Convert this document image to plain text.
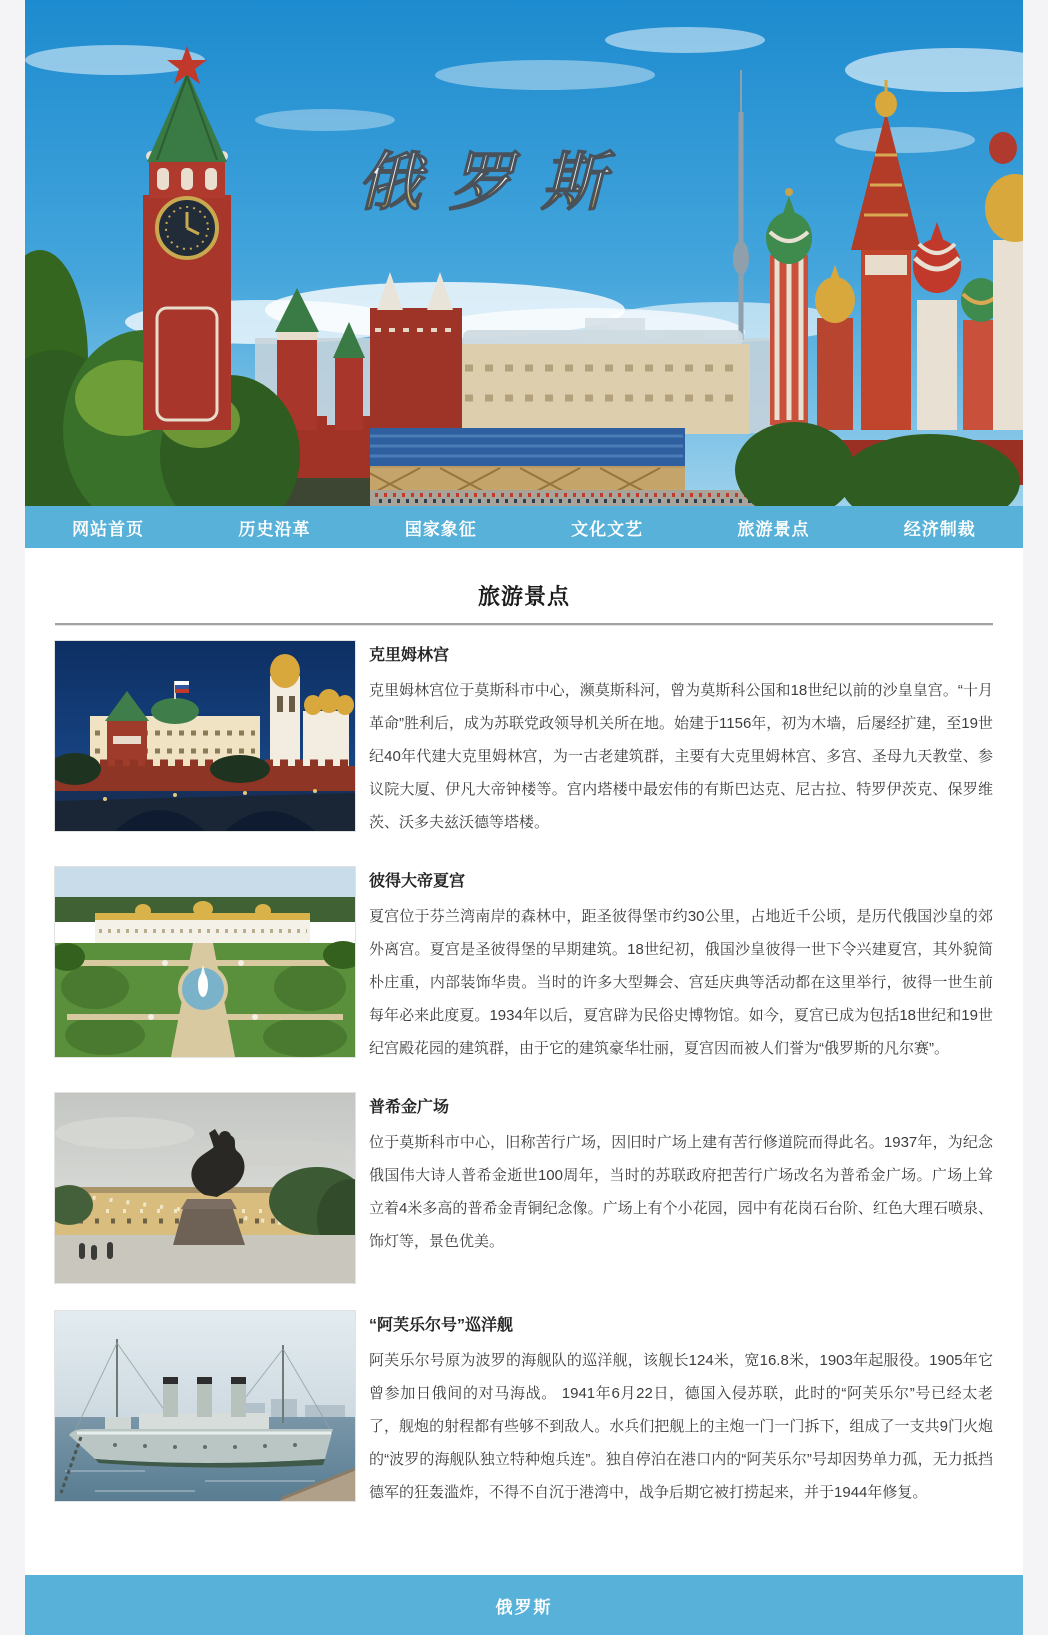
俄罗斯
网站首页	历史沿革	国家象征	文化文艺	旅游景点	经济制裁
旅游景点
克里姆林宫

克里姆林宫位于莫斯科市中心，濒莫斯科河，曾为莫斯科公国和18世纪以前的沙皇皇宫。“十月革命”胜利后，成为苏联党政领导机关所在地。始建于1156年，初为木墙，后屡经扩建，至19世纪40年代建大克里姆林宫，为一古老建筑群，主要有大克里姆林宫、多宫、圣母九天教堂、参议院大厦、伊凡大帝钟楼等。宫内塔楼中最宏伟的有斯巴达克、尼古拉、特罗伊茨克、保罗维茨、沃多夫兹沃德等塔楼。

彼得大帝夏宫

夏宫位于芬兰湾南岸的森林中，距圣彼得堡市约30公里，占地近千公顷，是历代俄国沙皇的郊外离宫。夏宫是圣彼得堡的早期建筑。18世纪初，俄国沙皇彼得一世下令兴建夏宫，其外貌简朴庄重，内部装饰华贵。当时的许多大型舞会、宫廷庆典等活动都在这里举行，彼得一世生前每年必来此度夏。1934年以后，夏宫辟为民俗史博物馆。如今，夏宫已成为包括18世纪和19世纪宫殿花园的建筑群，由于它的建筑豪华壮丽，夏宫因而被人们誉为“俄罗斯的凡尔赛”。

普希金广场

位于莫斯科市中心，旧称苦行广场，因旧时广场上建有苦行修道院而得此名。1937年，为纪念俄国伟大诗人普希金逝世100周年，当时的苏联政府把苦行广场改名为普希金广场。广场上耸立着4米多高的普希金青铜纪念像。广场上有个小花园，园中有花岗石台阶、红色大理石喷泉、饰灯等，景色优美。

“阿芙乐尔号”巡洋舰

阿芙乐尔号原为波罗的海舰队的巡洋舰，该舰长124米，宽16.8米，1903年起服役。1905年它曾参加日俄间的对马海战。 1941年6月22日，德国入侵苏联，此时的“阿芙乐尔”号已经太老了，舰炮的射程都有些够不到敌人。水兵们把舰上的主炮一门一门拆下，组成了一支共9门火炮的“波罗的海舰队独立特种炮兵连”。独自停泊在港口内的“阿芙乐尔”号却因势单力孤，无力抵挡德军的狂轰滥炸，不得不自沉于港湾中，战争后期它被打捞起来，并于1944年修复。

俄罗斯
